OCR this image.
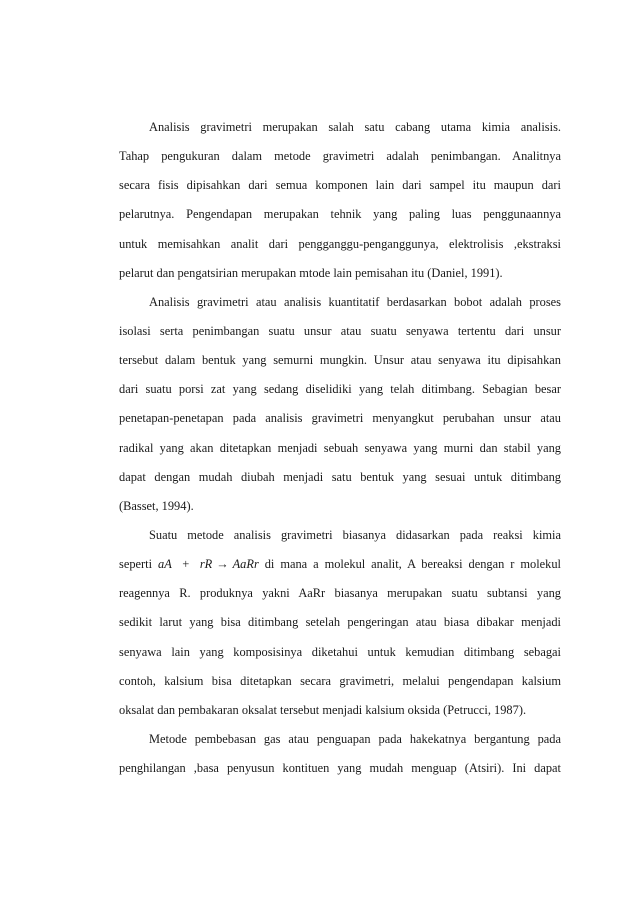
Analisis gravimetri merupakan salah satu cabang utama kimia analisis.
Tahap pengukuran dalam metode gravimetri adalah penimbangan. Analitnya
secara fisis dipisahkan dari semua komponen lain dari sampel itu maupun dari
pelarutnya. Pengendapan merupakan tehnik yang paling luas penggunaannya
untuk memisahkan analit dari pengganggu-penganggunya, elektrolisis ,ekstraksi
pelarut dan pengatsirian merupakan mtode lain pemisahan itu (Daniel, 1991).
Analisis gravimetri atau analisis kuantitatif berdasarkan bobot adalah proses
isolasi serta penimbangan suatu unsur atau suatu senyawa tertentu dari unsur
tersebut dalam bentuk yang semurni mungkin. Unsur atau senyawa itu dipisahkan
dari suatu porsi zat yang sedang diselidiki yang telah ditimbang. Sebagian besar
penetapan-penetapan pada analisis gravimetri menyangkut perubahan unsur atau
radikal yang akan ditetapkan menjadi sebuah senyawa yang murni dan stabil yang
dapat dengan mudah diubah menjadi satu bentuk yang sesuai untuk ditimbang
(Basset, 1994).
Suatu metode analisis gravimetri biasanya didasarkan pada reaksi kimia
seperti aA + rR → AaRr di mana a molekul analit, A bereaksi dengan r molekul
reagennya R. produknya yakni AaRr biasanya merupakan suatu subtansi yang
sedikit larut yang bisa ditimbang setelah pengeringan atau biasa dibakar menjadi
senyawa lain yang komposisinya diketahui untuk kemudian ditimbang sebagai
contoh, kalsium bisa ditetapkan secara gravimetri, melalui pengendapan kalsium
oksalat dan pembakaran oksalat tersebut menjadi kalsium oksida (Petrucci, 1987).
Metode pembebasan gas atau penguapan pada hakekatnya bergantung pada
penghilangan ,basa penyusun kontituen yang mudah menguap (Atsiri). Ini dapat
